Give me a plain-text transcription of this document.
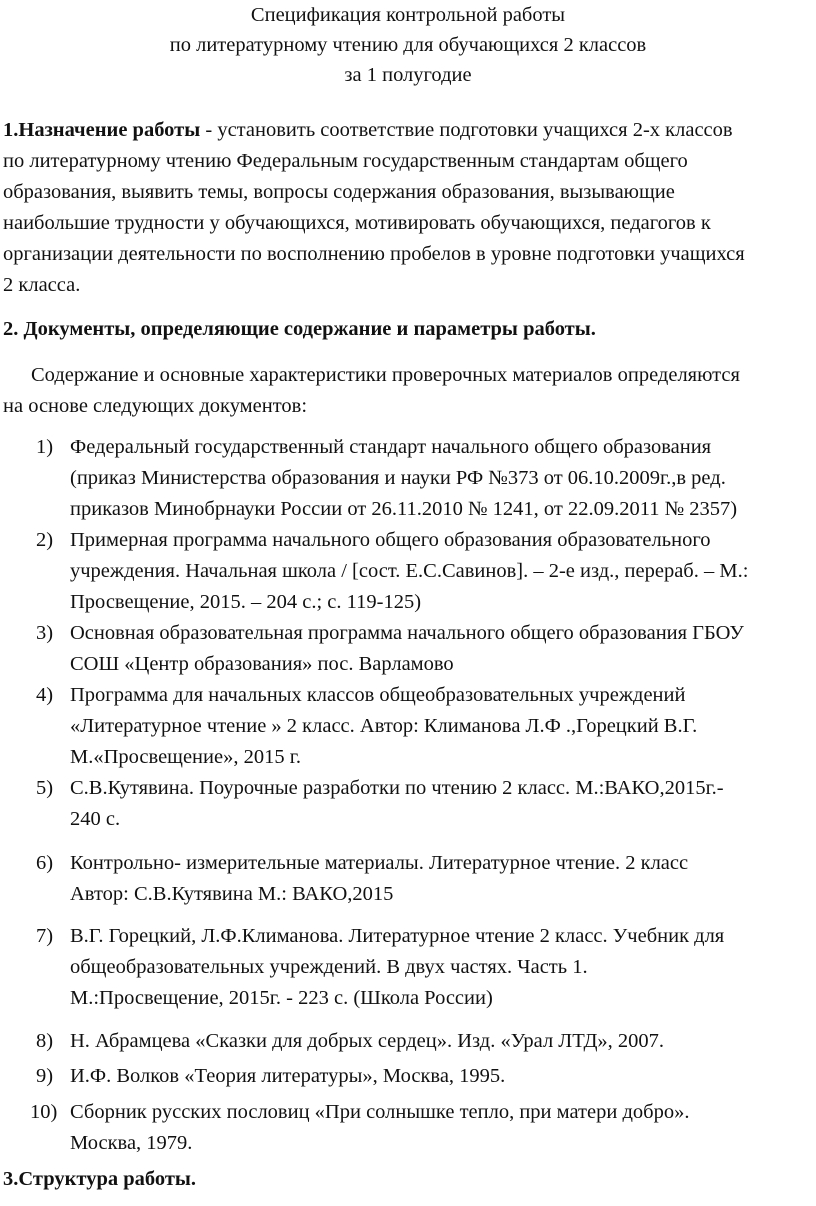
Спецификация контрольной работы
по литературному чтению для обучающихся 2 классов
за 1 полугодие
1.Назначение работы - установить соответствие подготовки учащихся 2-х классов
по литературному чтению Федеральным государственным стандартам общего
образования, выявить темы, вопросы содержания образования, вызывающие
наибольшие трудности у обучающихся, мотивировать обучающихся, педагогов к
организации деятельности по восполнению пробелов в уровне подготовки учащихся
2 класса.
2. Документы, определяющие содержание и параметры работы.
Содержание и основные характеристики проверочных материалов определяются
на основе следующих документов:
1) Федеральный государственный стандарт начального общего образования
(приказ Министерства образования и науки РФ №373 от 06.10.2009г.,в ред.
приказов Минобрнауки России от 26.11.2010 № 1241, от 22.09.2011 № 2357)
2) Примерная программа начального общего образования образовательного
учреждения. Начальная школа / [сост. Е.С.Савинов]. – 2-е изд., перераб. – М.:
Просвещение, 2015. – 204 с.; с. 119-125)
3) Основная образовательная программа начального общего образования ГБОУ
СОШ «Центр образования» пос. Варламово
4) Программа для начальных классов общеобразовательных учреждений
«Литературное чтение » 2 класс. Автор: Климанова Л.Ф .,Горецкий В.Г.
М.«Просвещение», 2015 г.
5) С.В.Кутявина. Поурочные разработки по чтению 2 класс. М.:ВАКО,2015г.-
240 с.
6) Контрольно- измерительные материалы. Литературное чтение. 2 класс
Автор: С.В.Кутявина М.: ВАКО,2015
7) В.Г. Горецкий, Л.Ф.Климанова. Литературное чтение 2 класс. Учебник для
общеобразовательных учреждений. В двух частях. Часть 1.
М.:Просвещение, 2015г. - 223 с. (Школа России)
8) Н. Абрамцева «Сказки для добрых сердец». Изд. «Урал ЛТД», 2007.
9) И.Ф. Волков «Теория литературы», Москва, 1995.
10) Сборник русских пословиц «При солнышке тепло, при матери добро».
Москва, 1979.
3.Структура работы.
